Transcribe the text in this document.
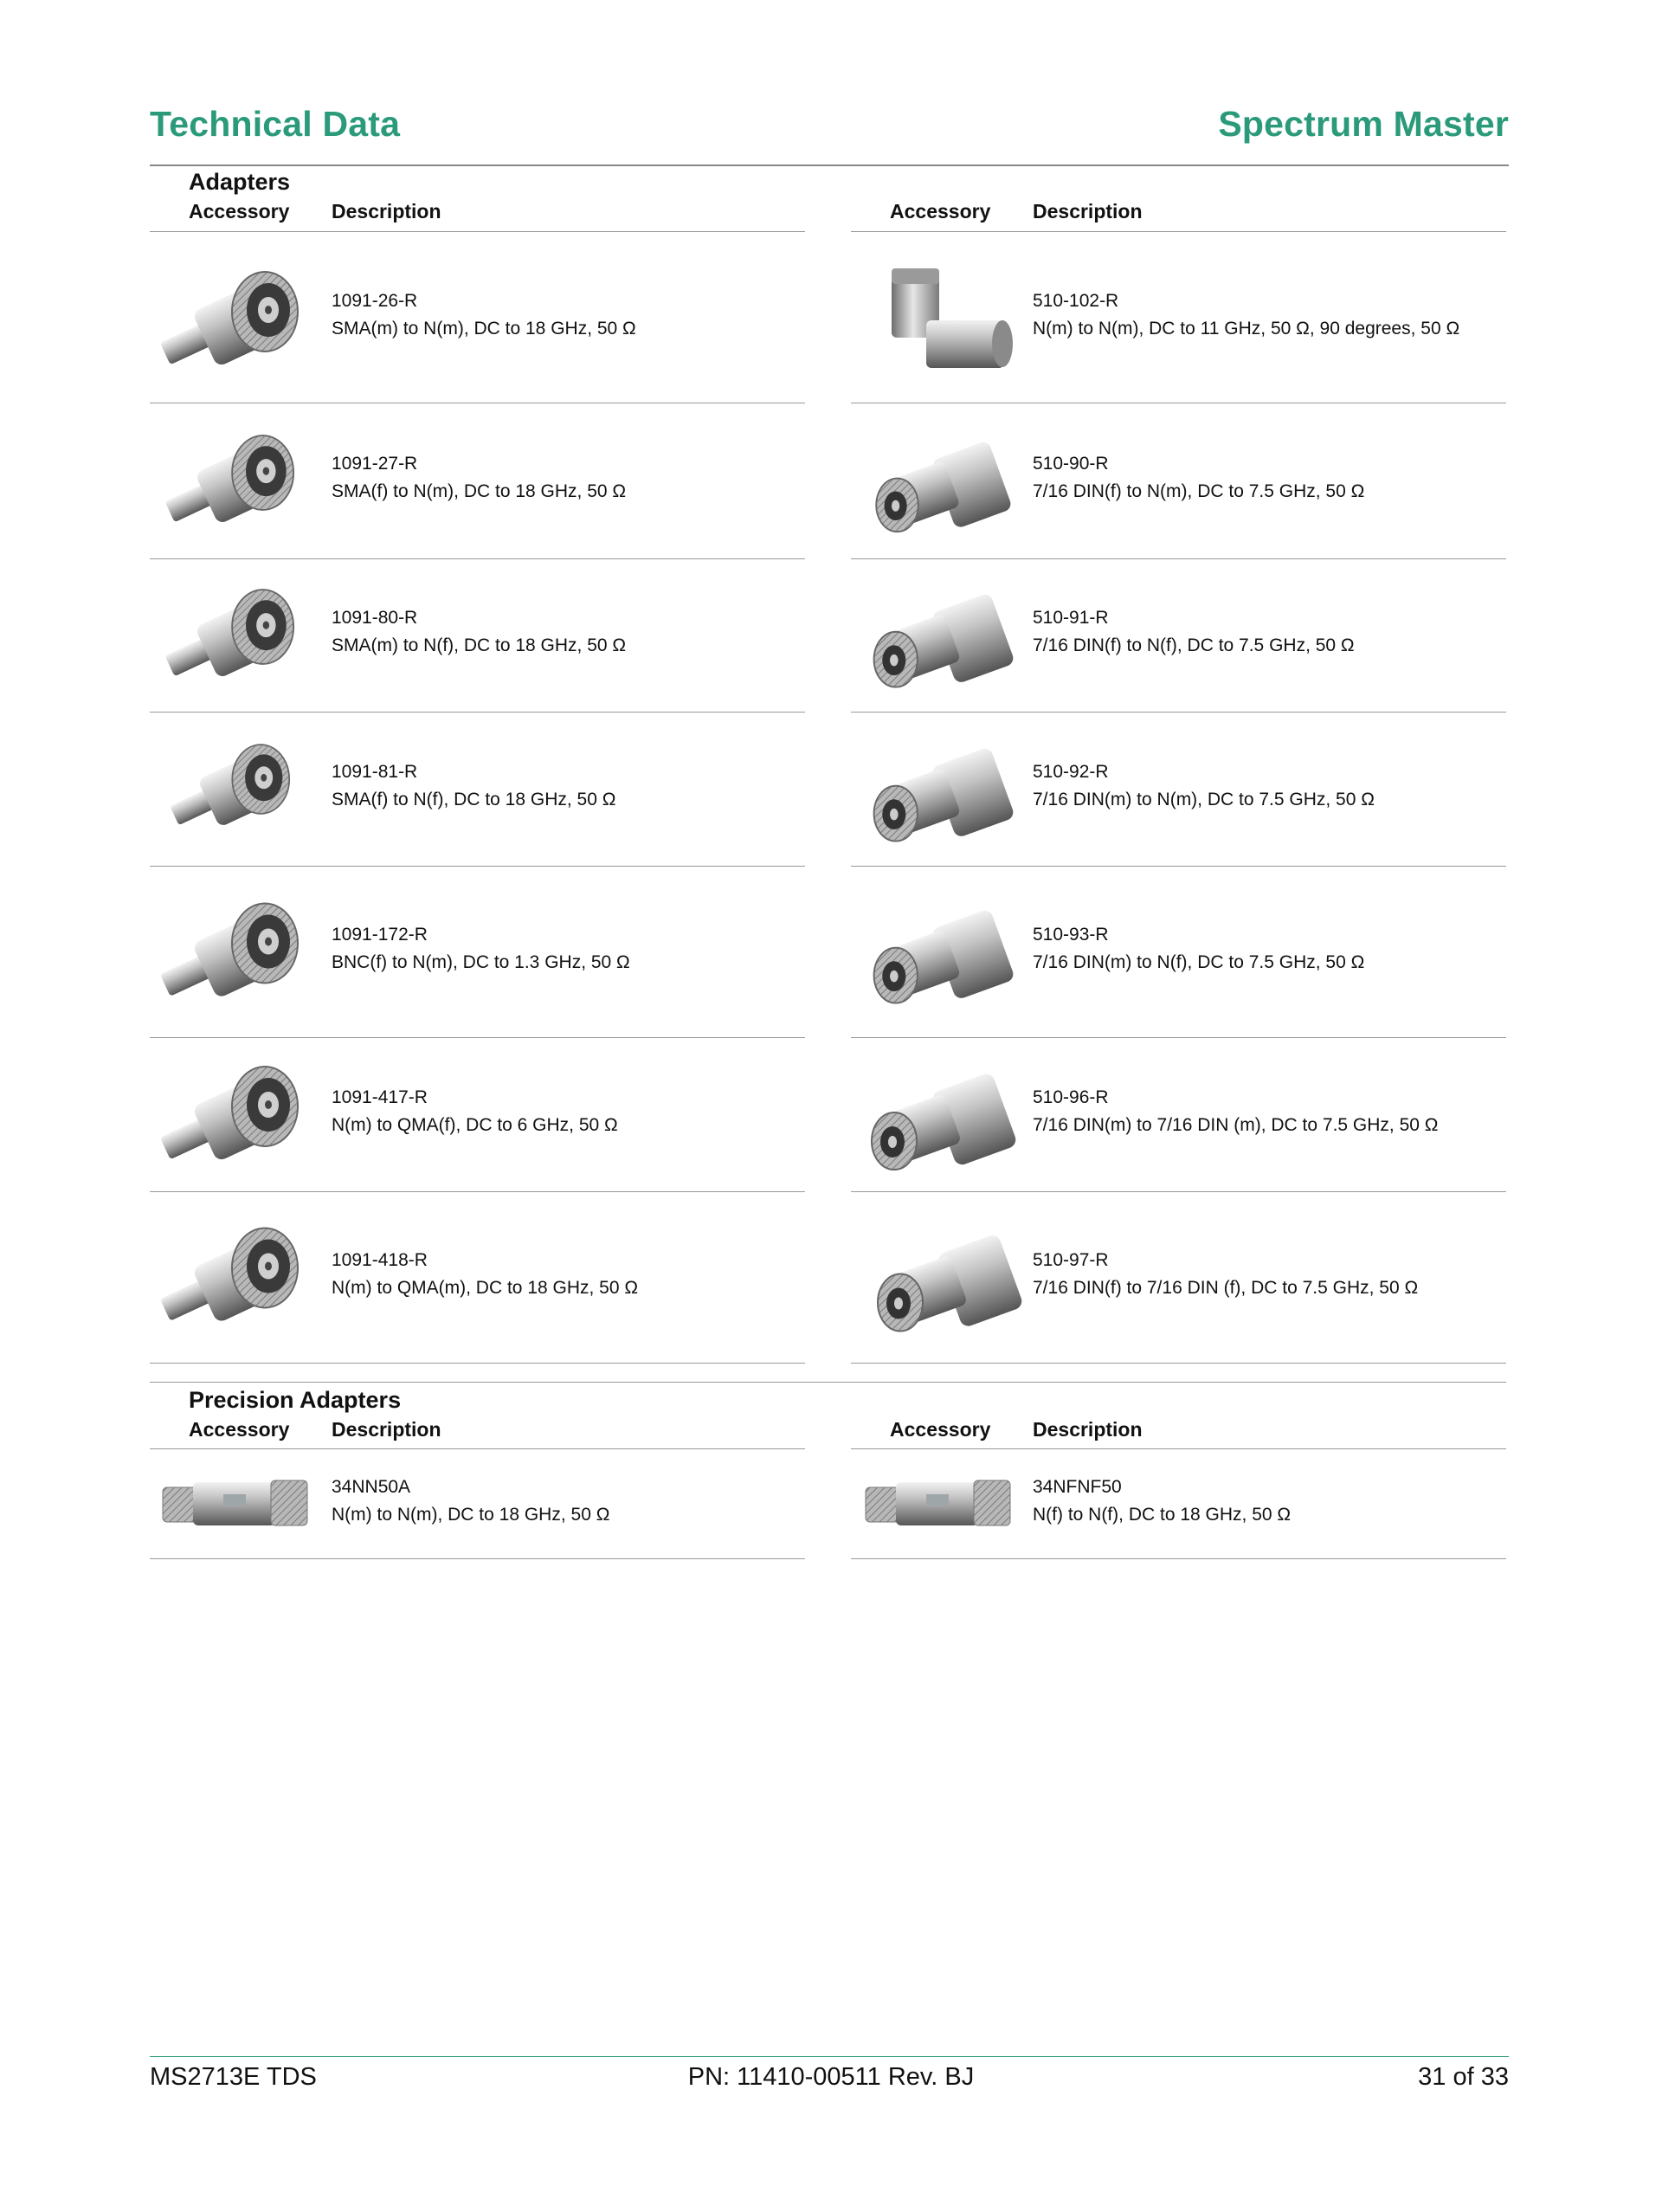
Technical Data	Spectrum Master
Adapters
Accessory Description	Accessory Description
1091-26-R
SMA(m) to N(m), DC to 18 GHz, 50 Ω
510-102-R
N(m) to N(m), DC to 11 GHz, 50 Ω, 90 degrees, 50 Ω
1091-27-R
SMA(f) to N(m), DC to 18 GHz, 50 Ω
510-90-R
7/16 DIN(f) to N(m), DC to 7.5 GHz, 50 Ω
1091-80-R
SMA(m) to N(f), DC to 18 GHz, 50 Ω
510-91-R
7/16 DIN(f) to N(f), DC to 7.5 GHz, 50 Ω
1091-81-R
SMA(f) to N(f), DC to 18 GHz, 50 Ω
510-92-R
7/16 DIN(m) to N(m), DC to 7.5 GHz, 50 Ω
1091-172-R
BNC(f) to N(m), DC to 1.3 GHz, 50 Ω
510-93-R
7/16 DIN(m) to N(f), DC to 7.5 GHz, 50 Ω
1091-417-R
N(m) to QMA(f), DC to 6 GHz, 50 Ω
510-96-R
7/16 DIN(m) to 7/16 DIN (m), DC to 7.5 GHz, 50 Ω
1091-418-R
N(m) to QMA(m), DC to 18 GHz, 50 Ω
510-97-R
7/16 DIN(f) to 7/16 DIN (f), DC to 7.5 GHz, 50 Ω
Precision Adapters
Accessory Description	Accessory Description
34NN50A
N(m) to N(m), DC to 18 GHz, 50 Ω
34NFNF50
N(f) to N(f), DC to 18 GHz, 50 Ω
MS2713E TDS	PN: 11410-00511 Rev. BJ	31 of 33
